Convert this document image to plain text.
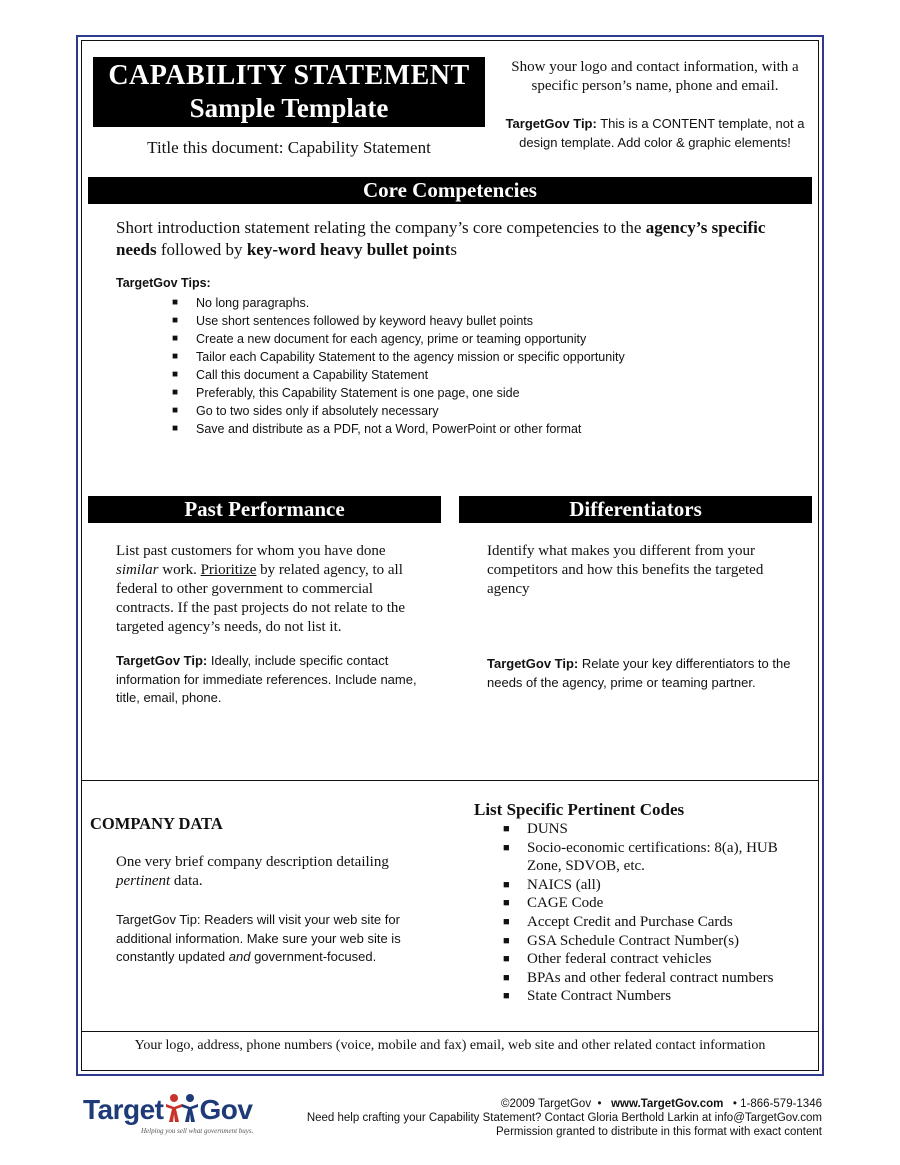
CAPABILITY STATEMENT
Sample Template
Title this document: Capability Statement
Show your logo and contact information, with a specific person’s name, phone and email.
TargetGov Tip: This is a CONTENT template, not a design template. Add color & graphic elements!
Core Competencies
Short introduction statement relating the company’s core competencies to the agency’s specific needs followed by key-word heavy bullet points
TargetGov Tips:
■ No long paragraphs.
■ Use short sentences followed by keyword heavy bullet points
■ Create a new document for each agency, prime or teaming opportunity
■ Tailor each Capability Statement to the agency mission or specific opportunity
■ Call this document a Capability Statement
■ Preferably, this Capability Statement is one page, one side
■ Go to two sides only if absolutely necessary
■ Save and distribute as a PDF, not a Word, PowerPoint or other format
Past Performance	Differentiators
List past customers for whom you have done similar work. Prioritize by related agency, to all federal to other government to commercial contracts. If the past projects do not relate to the targeted agency’s needs, do not list it.
TargetGov Tip: Ideally, include specific contact information for immediate references. Include name, title, email, phone.
Identify what makes you different from your competitors and how this benefits the targeted agency
TargetGov Tip: Relate your key differentiators to the needs of the agency, prime or teaming partner.
COMPANY DATA
One very brief company description detailing pertinent data.
TargetGov Tip: Readers will visit your web site for additional information. Make sure your web site is constantly updated and government-focused.
List Specific Pertinent Codes
■ DUNS
■ Socio-economic certifications: 8(a), HUB Zone, SDVOB, etc.
■ NAICS (all)
■ CAGE Code
■ Accept Credit and Purchase Cards
■ GSA Schedule Contract Number(s)
■ Other federal contract vehicles
■ BPAs and other federal contract numbers
■ State Contract Numbers
Your logo, address, phone numbers (voice, mobile and fax) email, web site and other related contact information
Target Gov
Helping you sell what government buys.
©2009 TargetGov  •   www.TargetGov.com   • 1-866-579-1346
Need help crafting your Capability Statement? Contact Gloria Berthold Larkin at info@TargetGov.com
Permission granted to distribute in this format with exact content
